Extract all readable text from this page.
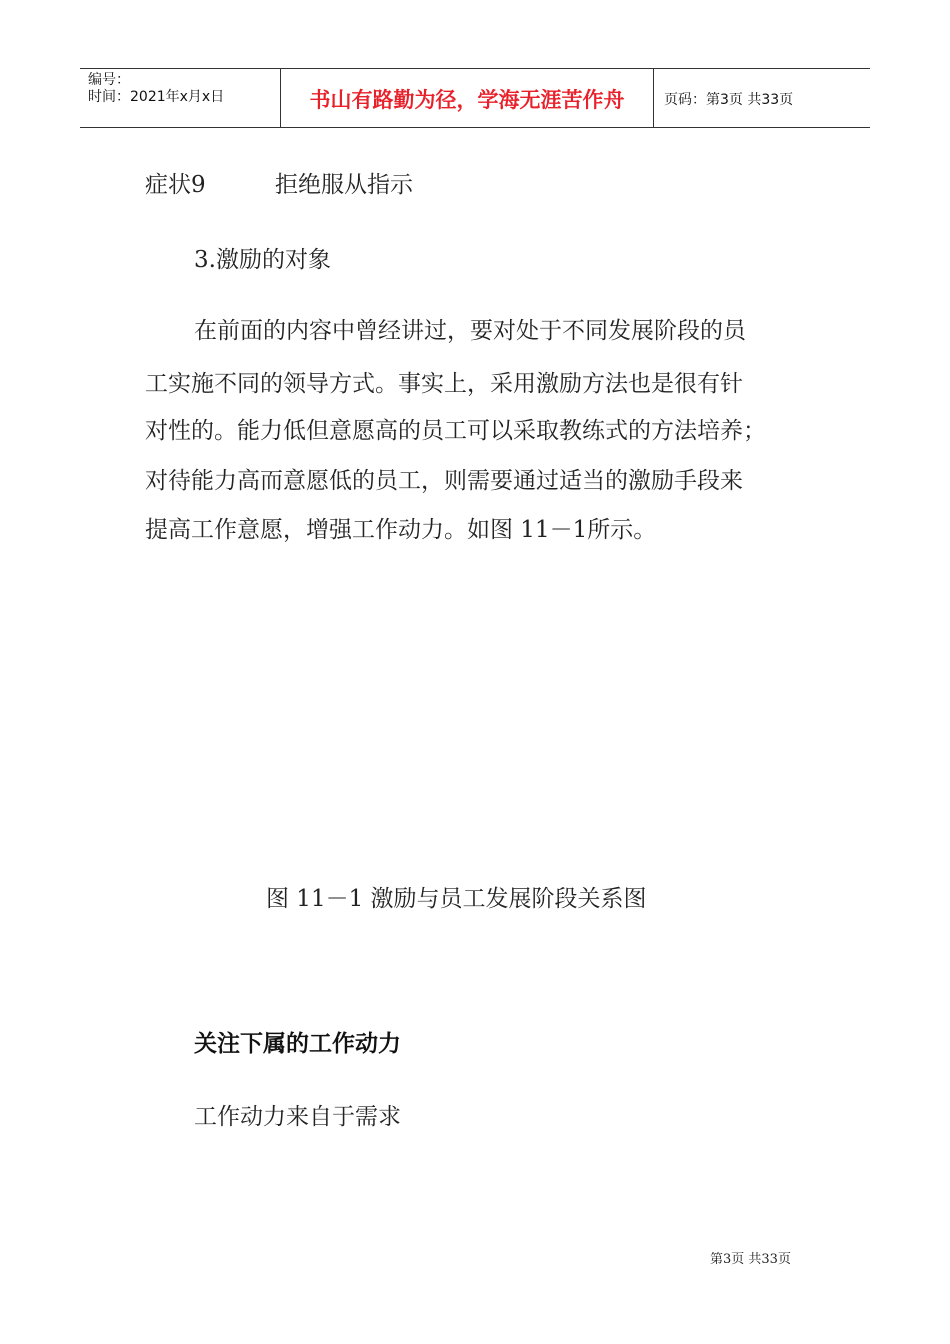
编号：
时间：2021年x月x日	书山有路勤为径，学海无涯苦作舟	页码：第3页 共33页
症状9	拒绝服从指示
3.激励的对象
在前面的内容中曾经讲过，要对处于不同发展阶段的员
工实施不同的领导方式。事实上，采用激励方法也是很有针
对性的。能力低但意愿高的员工可以采取教练式的方法培养；
对待能力高而意愿低的员工，则需要通过适当的激励手段来
提高工作意愿，增强工作动力。如图 11－1所示。
图 11－1 激励与员工发展阶段关系图
关注下属的工作动力
工作动力来自于需求
第3页 共33页
